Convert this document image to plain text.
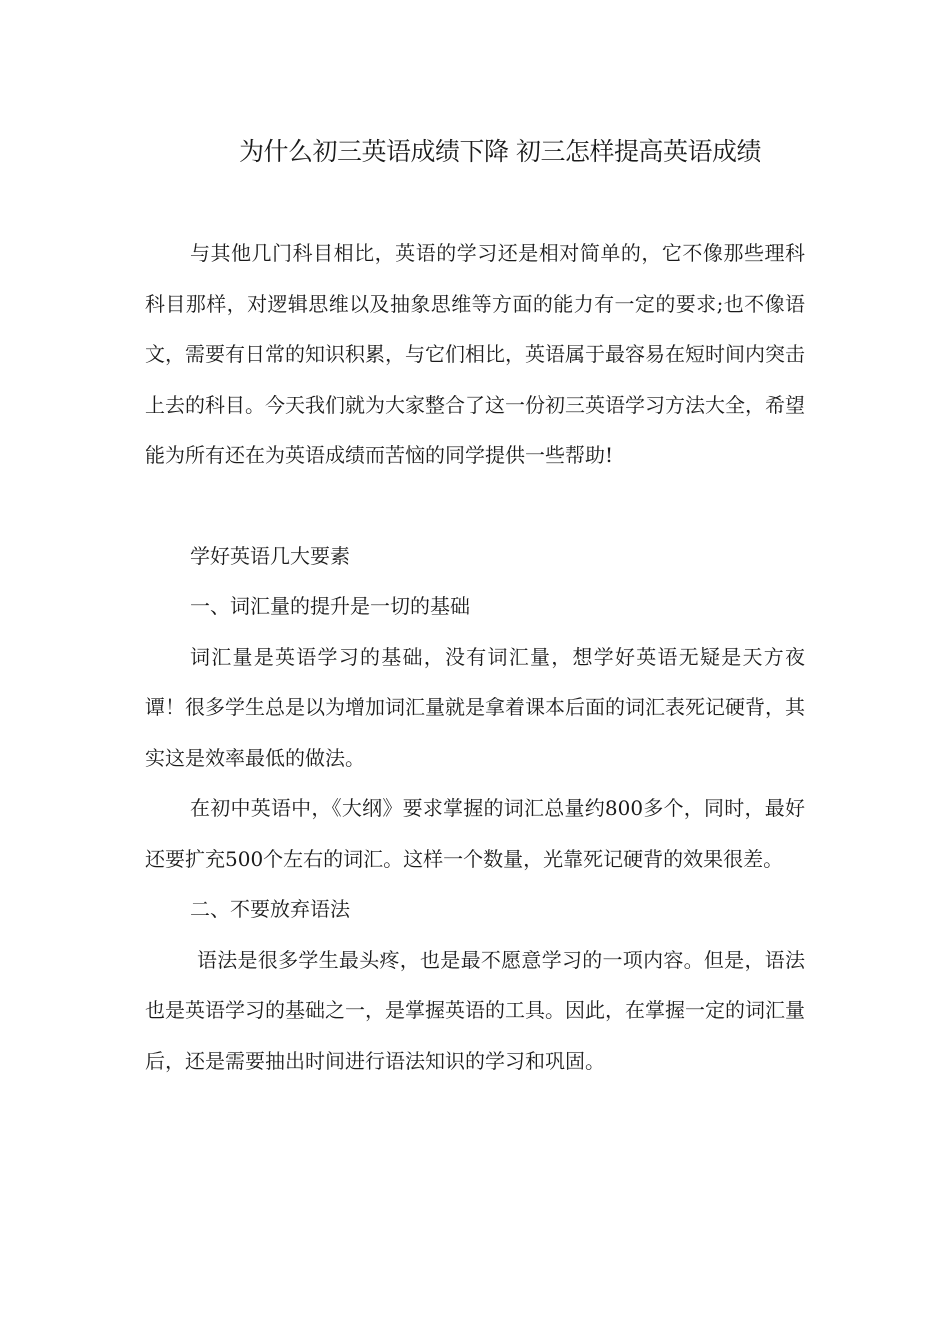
为什么初三英语成绩下降 初三怎样提高英语成绩

与其他几门科目相比，英语的学习还是相对简单的，它不像那些理科科目那样，对逻辑思维以及抽象思维等方面的能力有一定的要求;也不像语文，需要有日常的知识积累，与它们相比，英语属于最容易在短时间内突击上去的科目。今天我们就为大家整合了这一份初三英语学习方法大全，希望能为所有还在为英语成绩而苦恼的同学提供一些帮助!

学好英语几大要素

一、词汇量的提升是一切的基础

词汇量是英语学习的基础，没有词汇量，想学好英语无疑是天方夜谭！很多学生总是以为增加词汇量就是拿着课本后面的词汇表死记硬背，其实这是效率最低的做法。

在初中英语中，《大纲》要求掌握的词汇总量约800多个，同时，最好还要扩充500个左右的词汇。这样一个数量，光靠死记硬背的效果很差。

二、不要放弃语法

语法是很多学生最头疼，也是最不愿意学习的一项内容。但是，语法也是英语学习的基础之一，是掌握英语的工具。因此，在掌握一定的词汇量后，还是需要抽出时间进行语法知识的学习和巩固。
